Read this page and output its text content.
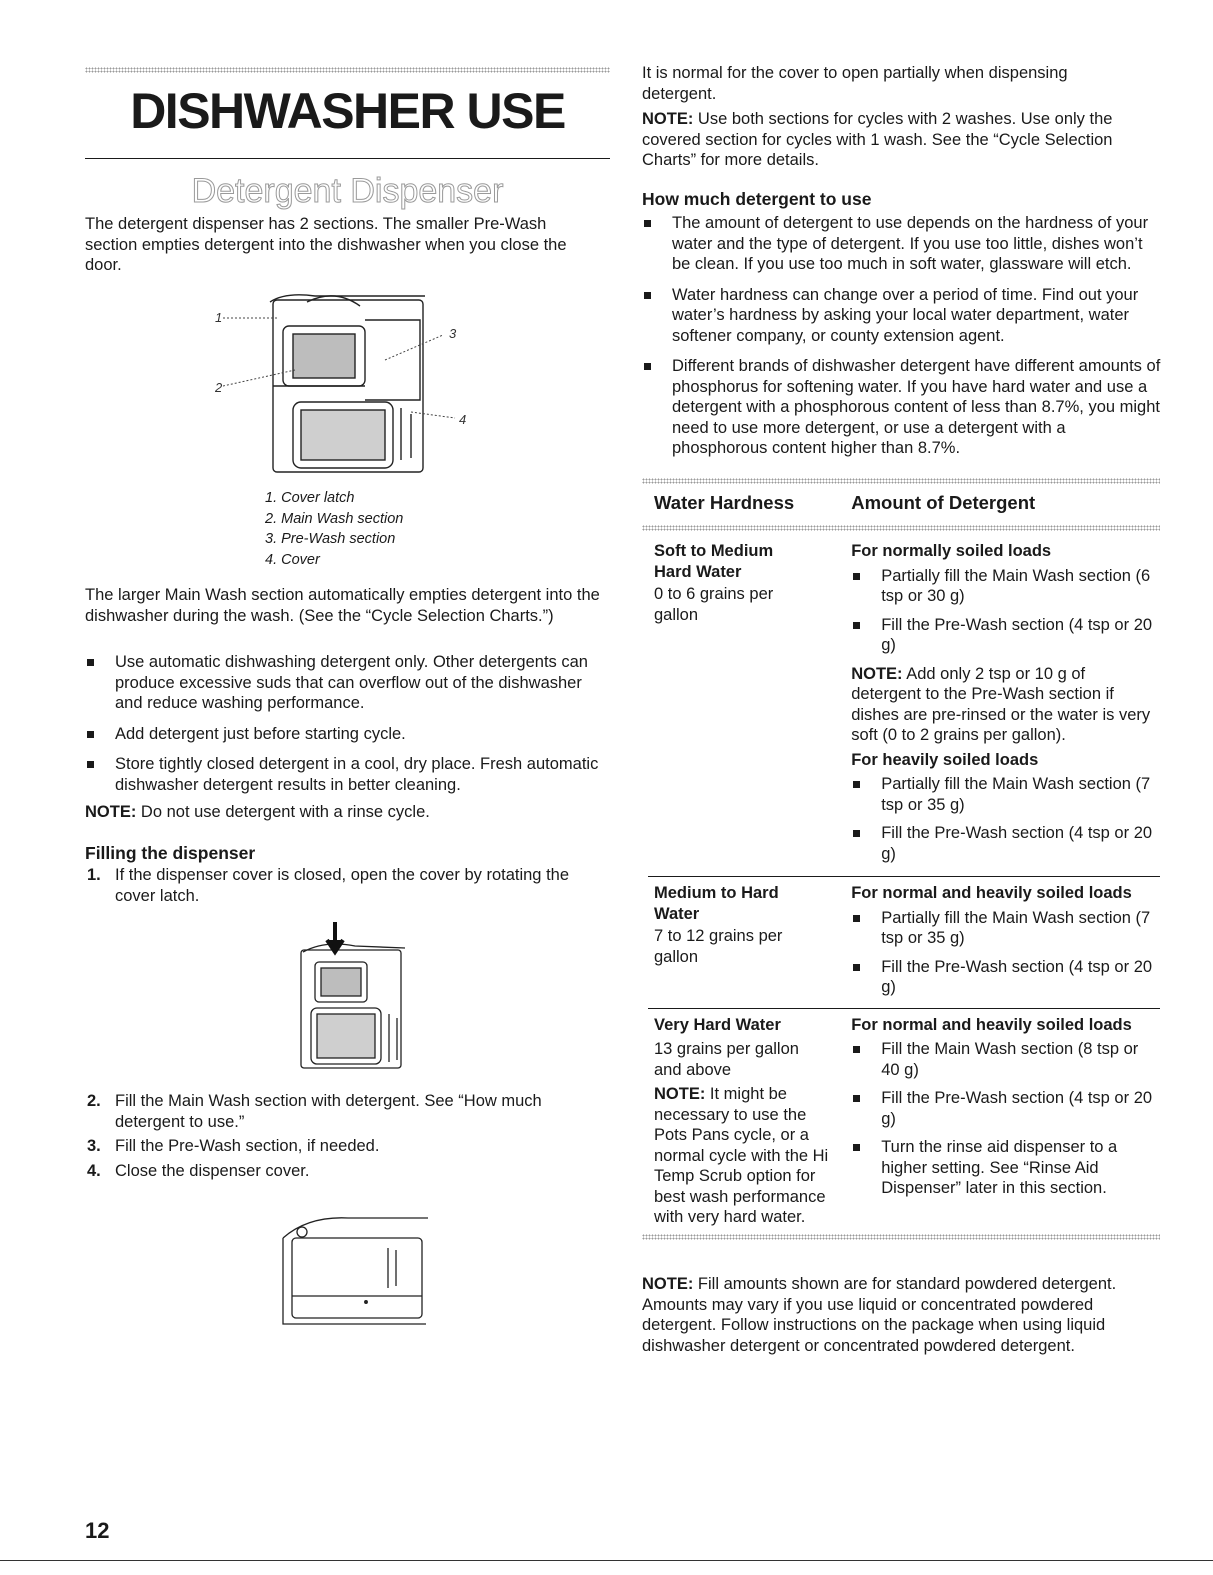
DISHWASHER USE
Detergent Dispenser

The detergent dispenser has 2 sections. The smaller Pre-Wash section empties detergent into the dishwasher when you close the door.

1
2
3
4
1. Cover latch
2. Main Wash section
3. Pre-Wash section
4. Cover

The larger Main Wash section automatically empties detergent into the dishwasher during the wash. (See the “Cycle Selection Charts.”)

Use automatic dishwashing detergent only. Other detergents can produce excessive suds that can overflow out of the dishwasher and reduce washing performance.
Add detergent just before starting cycle.
Store tightly closed detergent in a cool, dry place. Fresh automatic dishwasher detergent results in better cleaning.

NOTE: Do not use detergent with a rinse cycle.

Filling the dispenser
1. If the dispenser cover is closed, open the cover by rotating the cover latch.
2. Fill the Main Wash section with detergent. See “How much detergent to use.”
3. Fill the Pre-Wash section, if needed.
4. Close the dispenser cover.

It is normal for the cover to open partially when dispensing detergent.

NOTE: Use both sections for cycles with 2 washes. Use only the covered section for cycles with 1 wash. See the “Cycle Selection Charts” for more details.

How much detergent to use
The amount of detergent to use depends on the hardness of your water and the type of detergent. If you use too little, dishes won’t be clean. If you use too much in soft water, glassware will etch.
Water hardness can change over a period of time. Find out your water’s hardness by asking your local water department, water softener company, or county extension agent.
Different brands of dishwasher detergent have different amounts of phosphorus for softening water. If you have hard water and use a detergent with a phosphorous content of less than 8.7%, you might need to use more detergent, or use a detergent with a phosphorous content higher than 8.7%.
Water Hardness	Amount of Detergent

Soft to Medium Hard Water

0 to 6 grains per gallon

For normally soiled loads

Partially fill the Main Wash section (6 tsp or 30 g)
Fill the Pre-Wash section (4 tsp or 20 g)

NOTE: Add only 2 tsp or 10 g of detergent to the Pre-Wash section if dishes are pre-rinsed or the water is very soft (0 to 2 grains per gallon).

For heavily soiled loads

Partially fill the Main Wash section (7 tsp or 35 g)
Fill the Pre-Wash section (4 tsp or 20 g)

Medium to Hard Water

7 to 12 grains per gallon

For normal and heavily soiled loads

Partially fill the Main Wash section (7 tsp or 35 g)
Fill the Pre-Wash section (4 tsp or 20 g)

Very Hard Water

13 grains per gallon and above

NOTE: It might be necessary to use the Pots Pans cycle, or a normal cycle with the Hi Temp Scrub option for best wash performance with very hard water.

For normal and heavily soiled loads

Fill the Main Wash section (8 tsp or 40 g)
Fill the Pre-Wash section (4 tsp or 20 g)
Turn the rinse aid dispenser to a higher setting. See “Rinse Aid Dispenser” later in this section.

NOTE: Fill amounts shown are for standard powdered detergent. Amounts may vary if you use liquid or concentrated powdered detergent. Follow instructions on the package when using liquid dishwasher detergent or concentrated powdered detergent.

12
